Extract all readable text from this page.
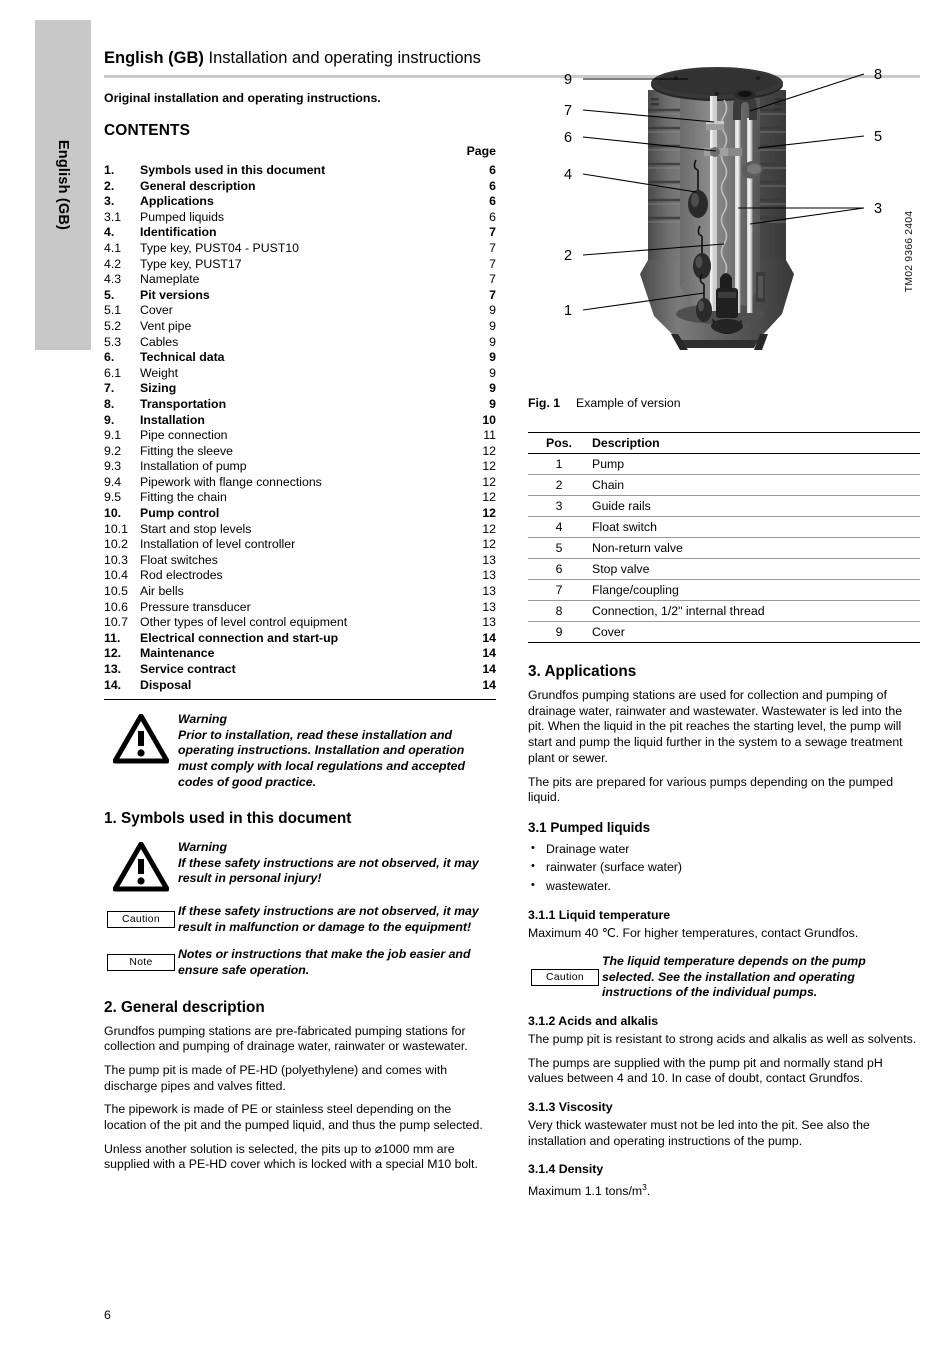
English (GB)
English (GB) Installation and operating instructions
Original installation and operating instructions.
CONTENTS
Page
1.	Symbols used in this document	6
2.	General description	6
3.	Applications	6
3.1	Pumped liquids	6
4.	Identification	7
4.1	Type key, PUST04 - PUST10	7
4.2	Type key, PUST17	7
4.3	Nameplate	7
5.	Pit versions	7
5.1	Cover	9
5.2	Vent pipe	9
5.3	Cables	9
6.	Technical data	9
6.1	Weight	9
7.	Sizing	9
8.	Transportation	9
9.	Installation	10
9.1	Pipe connection	11
9.2	Fitting the sleeve	12
9.3	Installation of pump	12
9.4	Pipework with flange connections	12
9.5	Fitting the chain	12
10.	Pump control	12
10.1 Start and stop levels	12
10.2 Installation of level controller	12
10.3 Float switches	13
10.4 Rod electrodes	13
10.5 Air bells	13
10.6 Pressure transducer	13
10.7 Other types of level control equipment	13
11.	Electrical connection and start-up	14
12.	Maintenance	14
13.	Service contract	14
14.	Disposal	14
Warning
Prior to installation, read these installation and operating instructions. Installation and operation must comply with local regulations and accepted codes of good practice.
1. Symbols used in this document
Warning
If these safety instructions are not observed, it may result in personal injury!
Caution
If these safety instructions are not observed, it may result in malfunction or damage to the equipment!
Note
Notes or instructions that make the job easier and ensure safe operation.
2. General description

Grundfos pumping stations are pre-fabricated pumping stations for collection and pumping of drainage water, rainwater or wastewater.

The pump pit is made of PE-HD (polyethylene) and comes with discharge pipes and valves fitted.

The pipework is made of PE or stainless steel depending on the location of the pit and the pumped liquid, and thus the pump selected.

Unless another solution is selected, the pits up to ⌀1000 mm are supplied with a PE-HD cover which is locked with a special M10 bolt.

9
7
6
4
2
1
8
5
3
TM02 9366 2404
Fig. 1	Example of version
Pos.	Description
1	Pump
2	Chain
3	Guide rails
4	Float switch
5	Non-return valve
6	Stop valve
7	Flange/coupling
8	Connection, 1/2" internal thread
9	Cover
3. Applications

Grundfos pumping stations are used for collection and pumping of drainage water, rainwater and wastewater. Wastewater is led into the pit. When the liquid in the pit reaches the starting level, the pump will start and pump the liquid further in the system to a sewage treatment plant or sewer.

The pits are prepared for various pumps depending on the pumped liquid.

3.1 Pumped liquids
• Drainage water
• rainwater (surface water)
• wastewater.
3.1.1 Liquid temperature

Maximum 40 ℃. For higher temperatures, contact Grundfos.

Caution
The liquid temperature depends on the pump selected. See the installation and operating instructions of the individual pumps.
3.1.2 Acids and alkalis

The pump pit is resistant to strong acids and alkalis as well as solvents.

The pumps are supplied with the pump pit and normally stand pH values between 4 and 10. In case of doubt, contact Grundfos.

3.1.3 Viscosity

Very thick wastewater must not be led into the pit. See also the installation and operating instructions of the pump.

3.1.4 Density

Maximum 1.1 tons/$m^3$.

6
